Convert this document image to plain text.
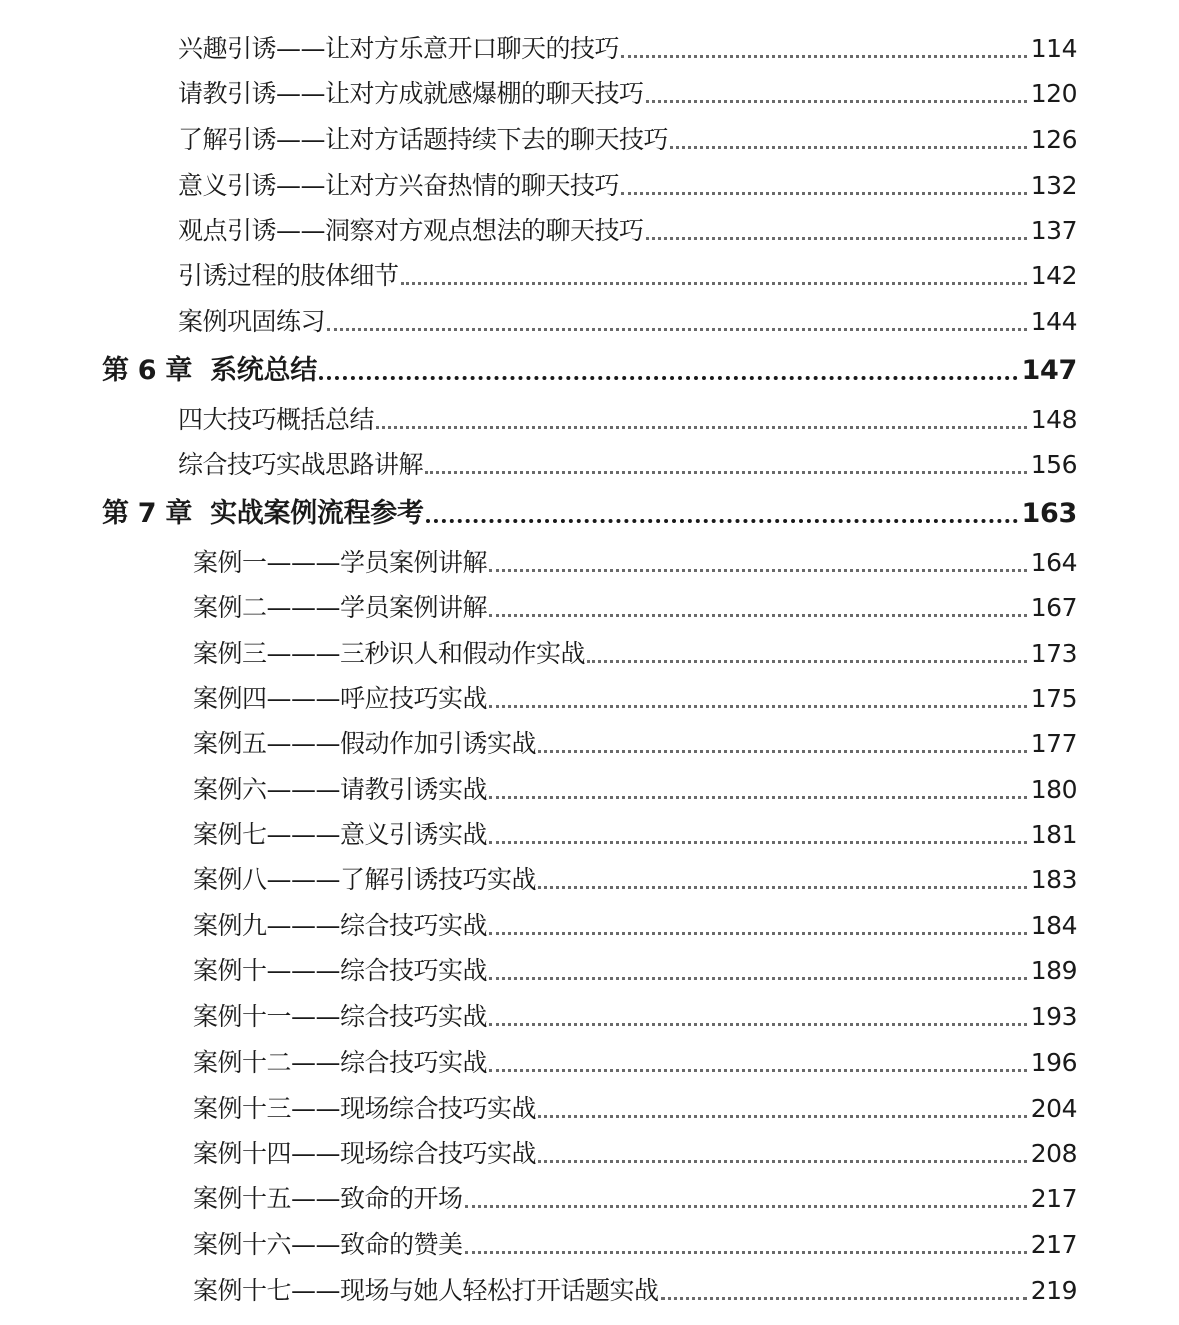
兴趣引诱——让对方乐意开口聊天的技巧	114
请教引诱——让对方成就感爆棚的聊天技巧	120
了解引诱——让对方话题持续下去的聊天技巧	126
意义引诱——让对方兴奋热情的聊天技巧	132
观点引诱——洞察对方观点想法的聊天技巧	137
引诱过程的肢体细节	142
案例巩固练习	144
第 6 章 系统总结	147
四大技巧概括总结	148
综合技巧实战思路讲解	156
第 7 章 实战案例流程参考	163
案例一———学员案例讲解	164
案例二———学员案例讲解	167
案例三———三秒识人和假动作实战	173
案例四———呼应技巧实战	175
案例五———假动作加引诱实战	177
案例六———请教引诱实战	180
案例七———意义引诱实战	181
案例八———了解引诱技巧实战	183
案例九———综合技巧实战	184
案例十———综合技巧实战	189
案例十一——综合技巧实战	193
案例十二——综合技巧实战	196
案例十三——现场综合技巧实战	204
案例十四——现场综合技巧实战	208
案例十五——致命的开场	217
案例十六——致命的赞美	217
案例十七——现场与她人轻松打开话题实战	219
